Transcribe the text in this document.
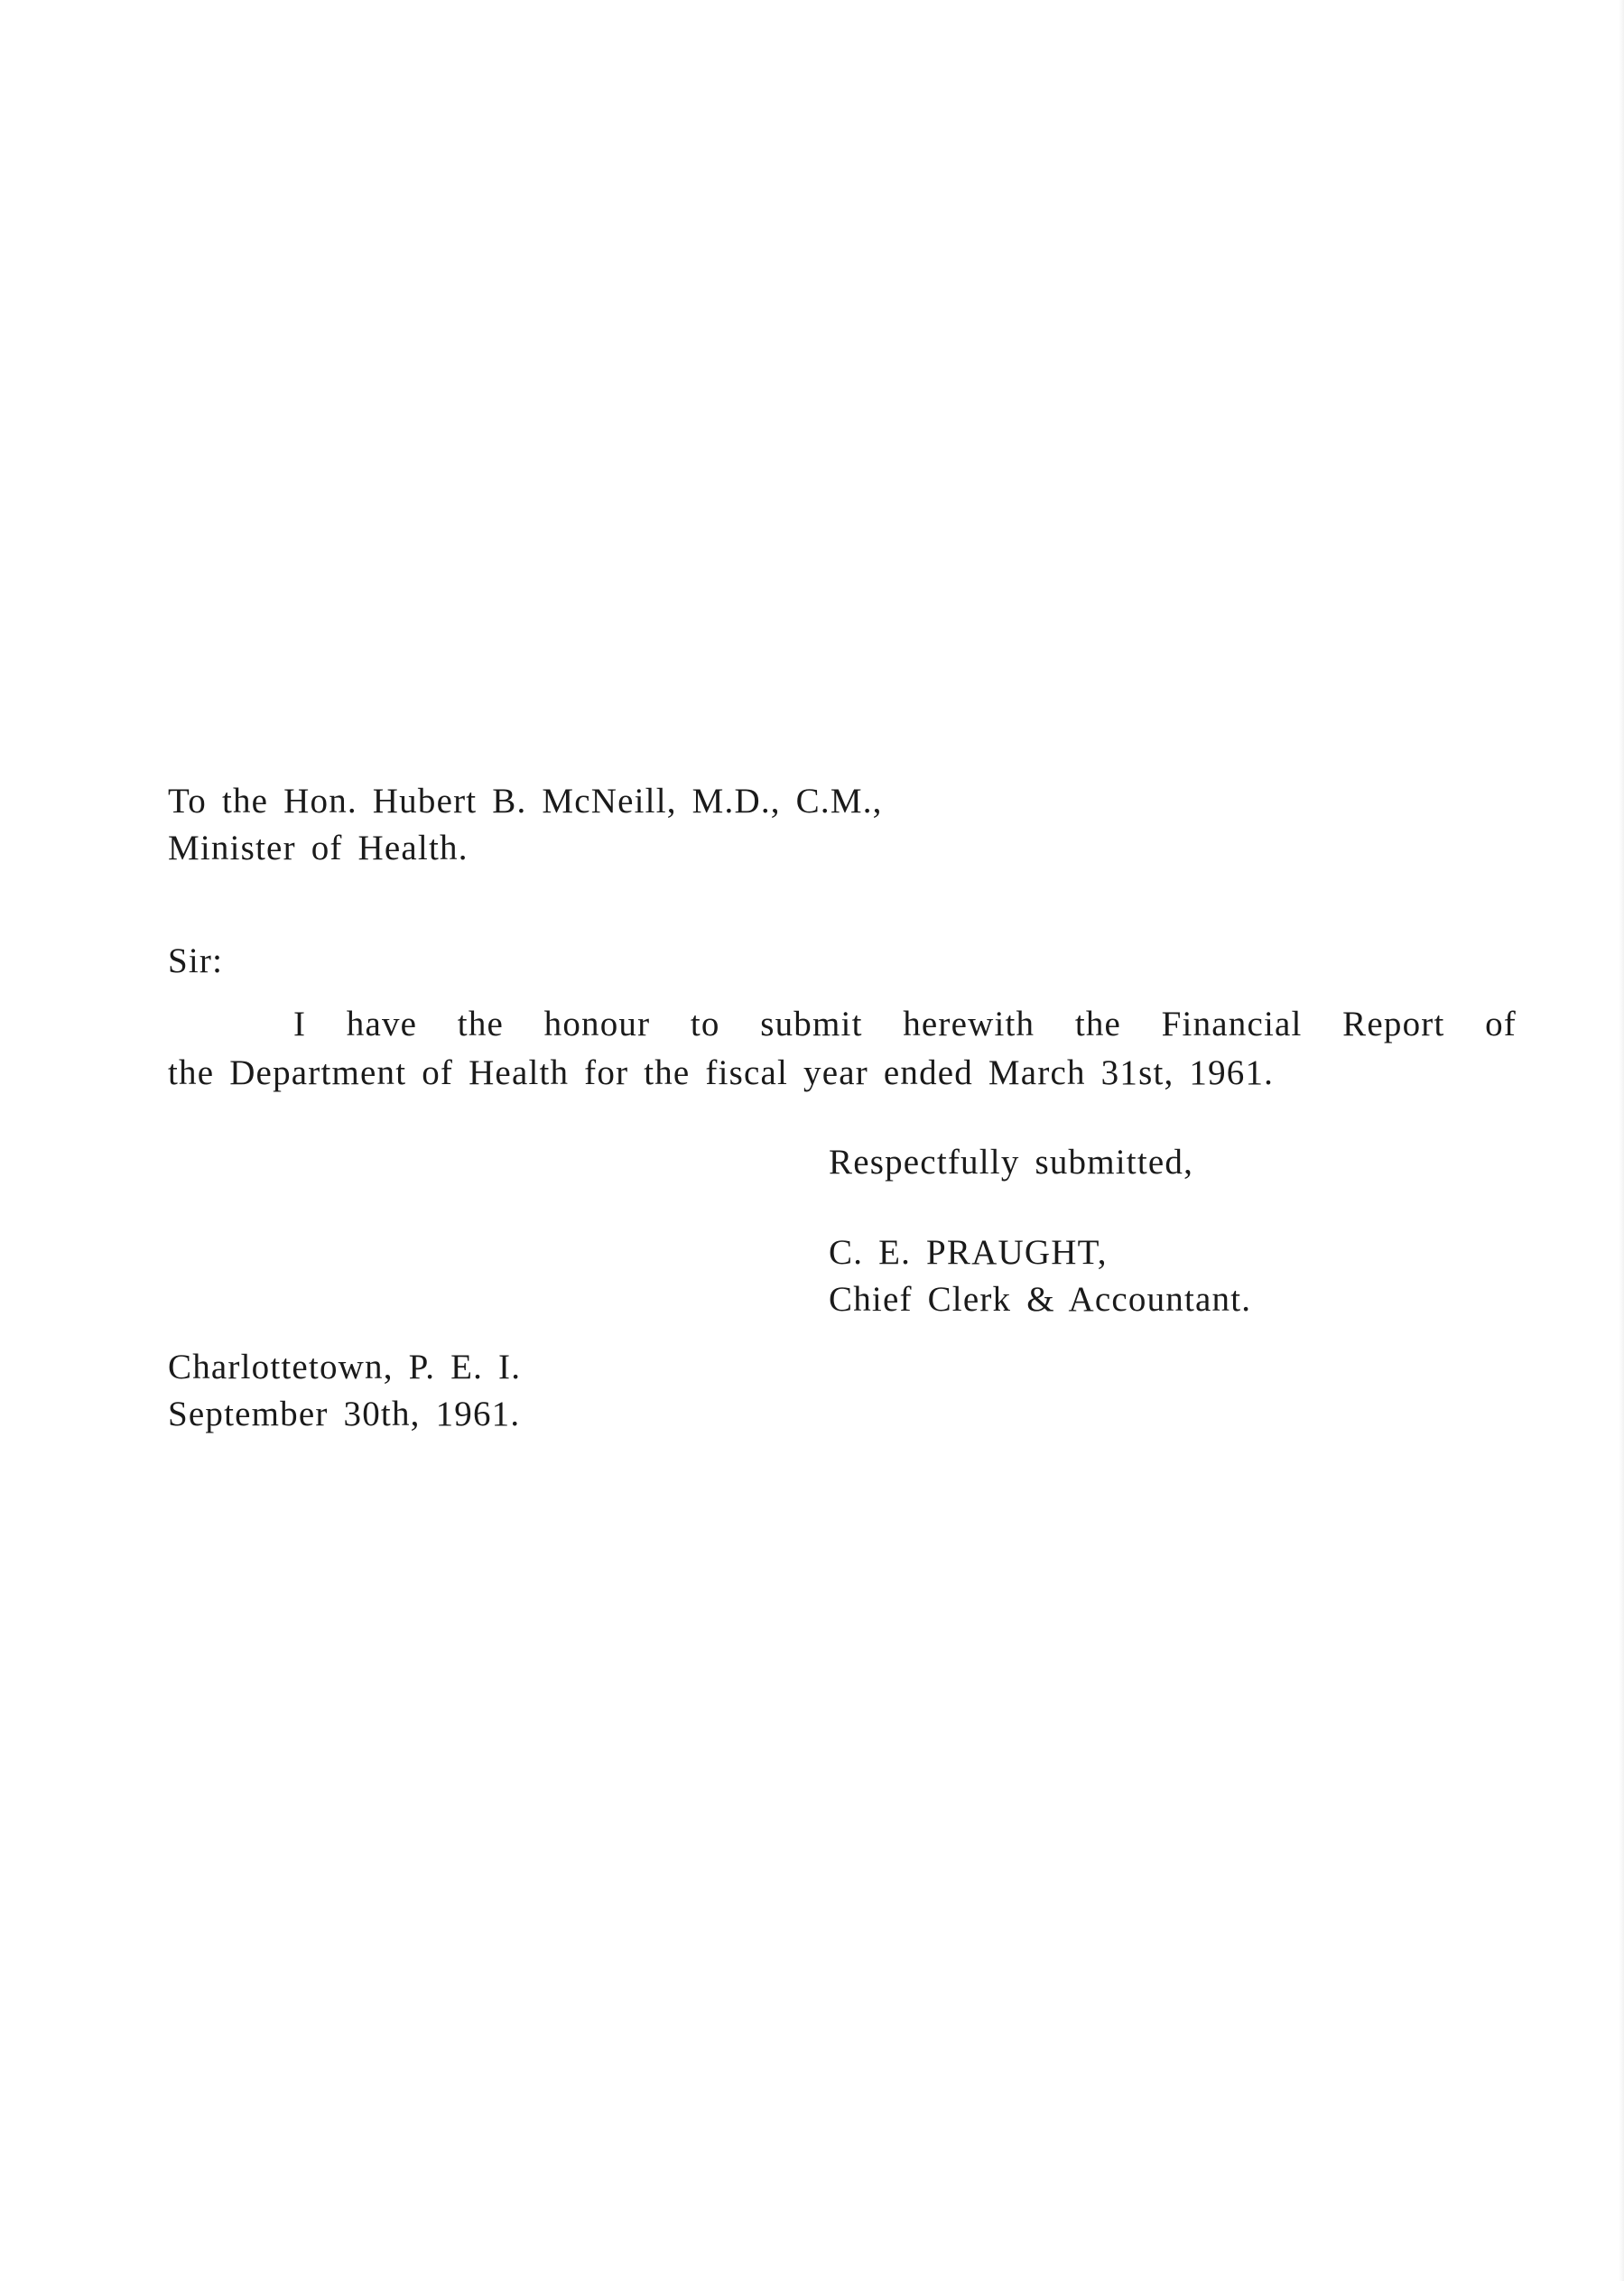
To the Hon. Hubert B. McNeill, M.D., C.M.,
Minister of Health.
Sir:
I have the honour to submit herewith the Financial Report of
the Department of Health for the fiscal year ended March 31st, 1961.
Respectfully submitted,
C. E. PRAUGHT,
Chief Clerk & Accountant.
Charlottetown, P. E. I.
September 30th, 1961.
